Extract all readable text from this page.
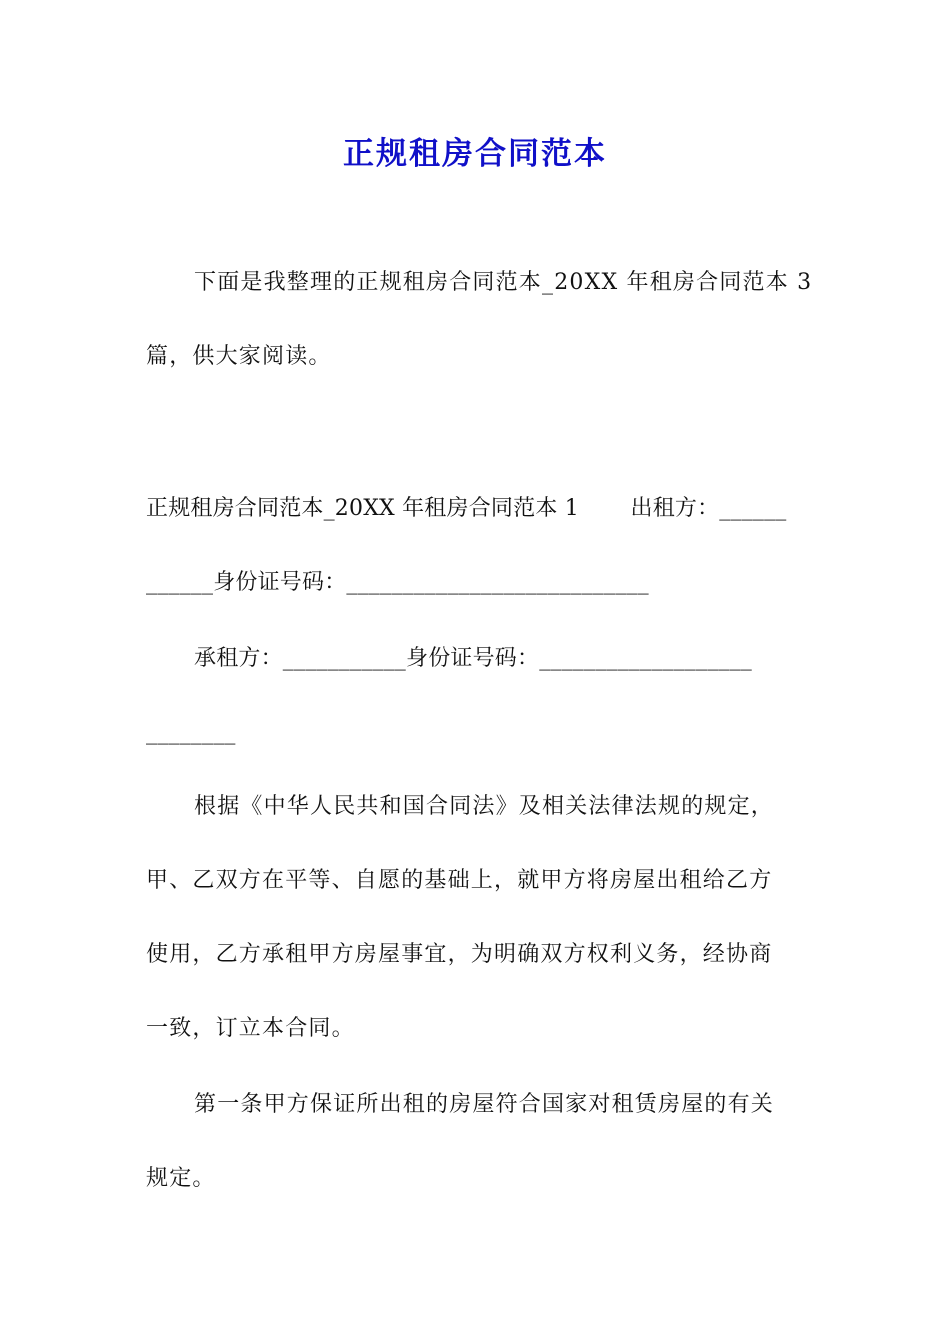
正规租房合同范本
下面是我整理的正规租房合同范本_20XX 年租房合同范本 3
篇，供大家阅读。
正规租房合同范本_20XX 年租房合同范本 1　　 出租方：______
______身份证号码：___________________________
承租方：___________身份证号码：___________________
________
根据《中华人民共和国合同法》及相关法律法规的规定，
甲、乙双方在平等、自愿的基础上，就甲方将房屋出租给乙方
使用，乙方承租甲方房屋事宜，为明确双方权利义务，经协商
一致，订立本合同。
第一条甲方保证所出租的房屋符合国家对租赁房屋的有关
规定。
